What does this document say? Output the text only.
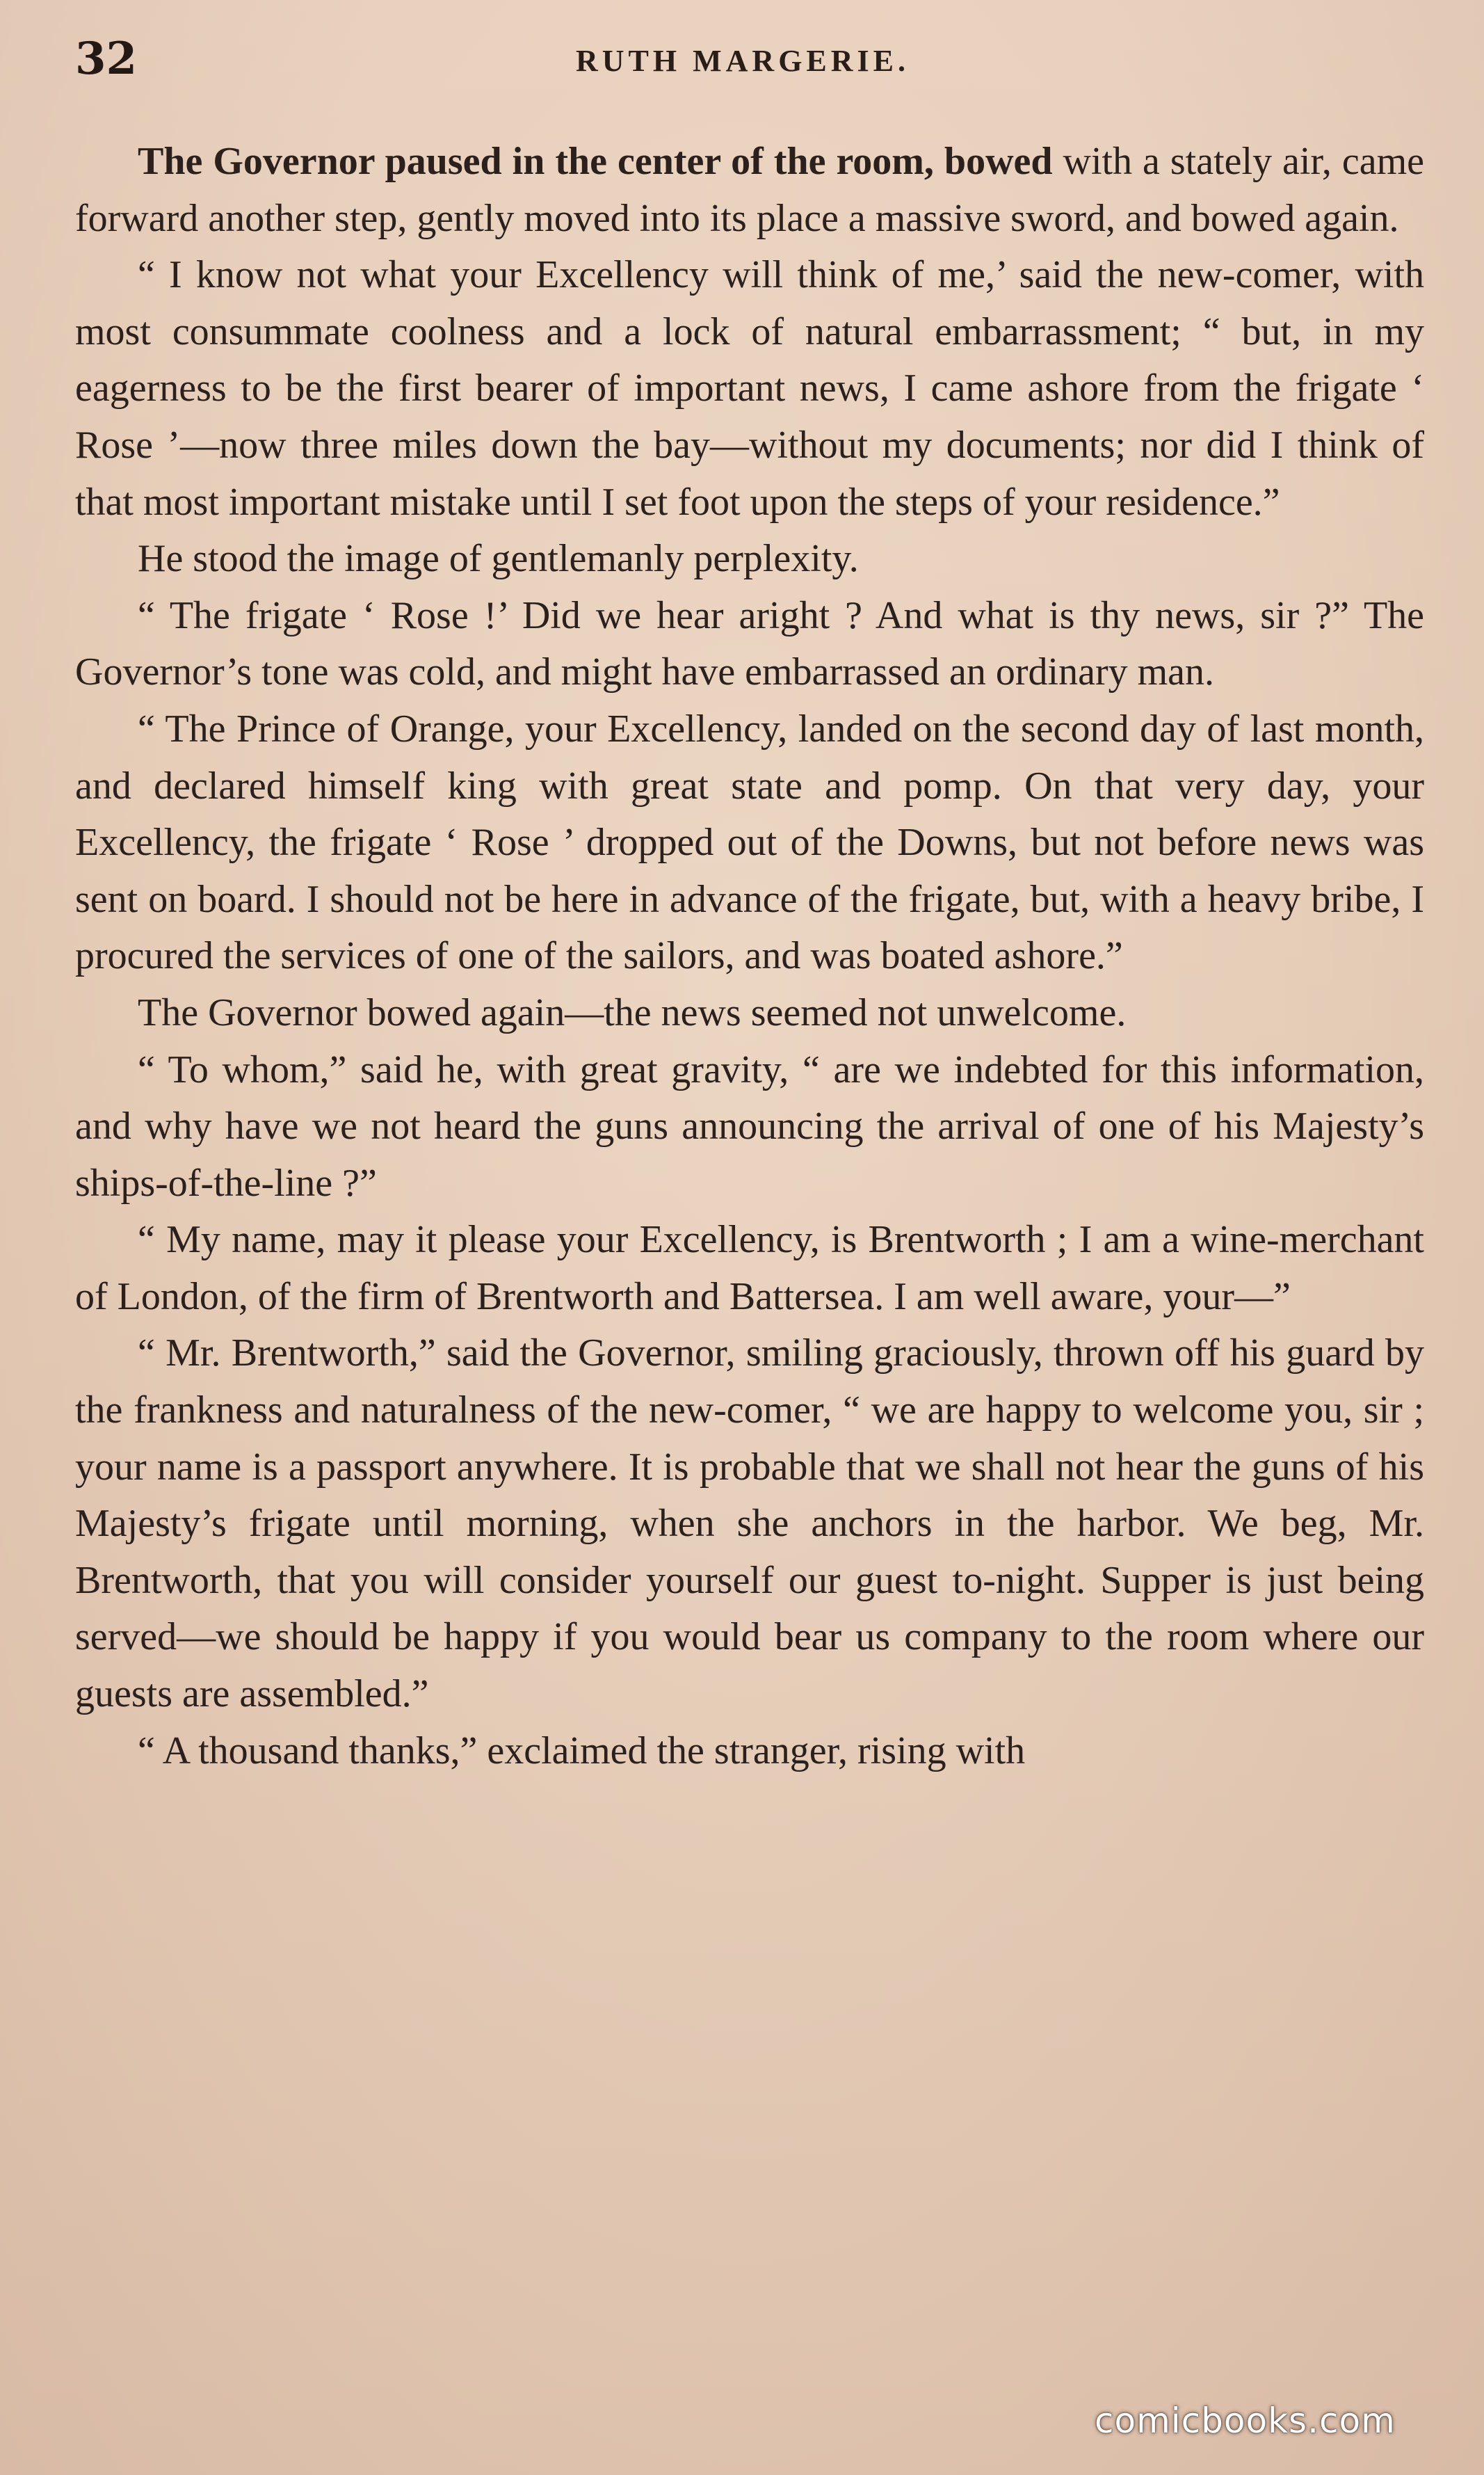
32	RUTH MARGERIE.

The Governor paused in the center of the room, bowed with a stately air, came forward another step, gently moved into its place a massive sword, and bowed again.

“ I know not what your Excellency will think of me,’ said the new-comer, with most consummate coolness and a lock of natural embarrassment; “ but, in my eagerness to be the first bearer of important news, I came ashore from the frigate ‘ Rose ’—now three miles down the bay—without my documents; nor did I think of that most important mistake until I set foot upon the steps of your residence.”

He stood the image of gentlemanly perplexity.

“ The frigate ‘ Rose !’ Did we hear aright ? And what is thy news, sir ?” The Governor’s tone was cold, and might have embarrassed an ordinary man.

“ The Prince of Orange, your Excellency, landed on the second day of last month, and declared himself king with great state and pomp. On that very day, your Excellency, the frigate ‘ Rose ’ dropped out of the Downs, but not before news was sent on board. I should not be here in advance of the frigate, but, with a heavy bribe, I procured the services of one of the sailors, and was boated ashore.”

The Governor bowed again—the news seemed not unwelcome.

“ To whom,” said he, with great gravity, “ are we indebted for this information, and why have we not heard the guns announcing the arrival of one of his Majesty’s ships-of-the-line ?”

“ My name, may it please your Excellency, is Brentworth ; I am a wine-merchant of London, of the firm of Brentworth and Battersea. I am well aware, your—”

“ Mr. Brentworth,” said the Governor, smiling graciously, thrown off his guard by the frankness and naturalness of the new-comer, “ we are happy to welcome you, sir ; your name is a passport anywhere. It is probable that we shall not hear the guns of his Majesty’s frigate until morning, when she anchors in the harbor. We beg, Mr. Brentworth, that you will consider yourself our guest to-night. Supper is just being served—we should be happy if you would bear us company to the room where our guests are assembled.”

“ A thousand thanks,” exclaimed the stranger, rising with

comicbooks.com
